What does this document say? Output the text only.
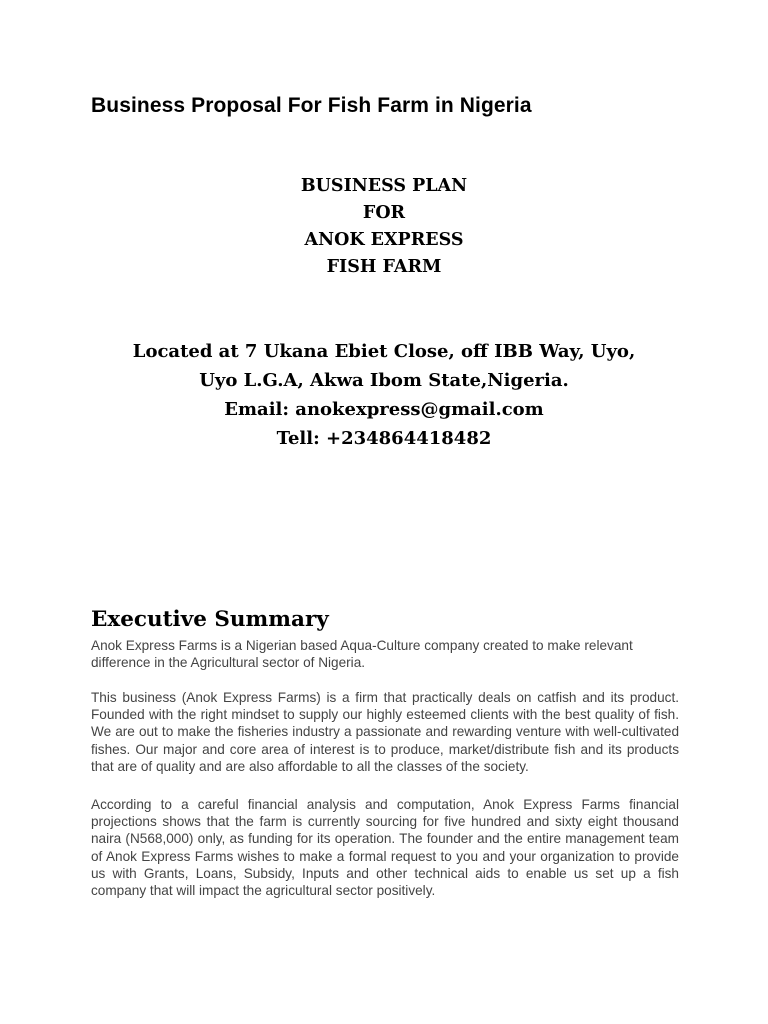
Business Proposal For Fish Farm in Nigeria
BUSINESS PLAN
FOR
ANOK EXPRESS
FISH FARM
Located at 7 Ukana Ebiet Close, off IBB Way, Uyo,
Uyo L.G.A, Akwa Ibom State,Nigeria.
Email: anokexpress@gmail.com
Tell: +234864418482
Executive Summary

Anok Express Farms is a Nigerian based Aqua-Culture company created to make relevant difference in the Agricultural sector of Nigeria.

This business (Anok Express Farms) is a firm that practically deals on catfish and its product. Founded with the right mindset to supply our highly esteemed clients with the best quality of fish. We are out to make the fisheries industry a passionate and rewarding venture with well-cultivated fishes. Our major and core area of interest is to produce, market/distribute fish and its products that are of quality and are also affordable to all the classes of the society.

According to a careful financial analysis and computation, Anok Express Farms financial projections shows that the farm is currently sourcing for five hundred and sixty eight thousand naira (N568,000) only, as funding for its operation. The founder and the entire management team of Anok Express Farms wishes to make a formal request to you and your organization to provide us with Grants, Loans, Subsidy, Inputs and other technical aids to enable us set up a fish company that will impact the agricultural sector positively.
